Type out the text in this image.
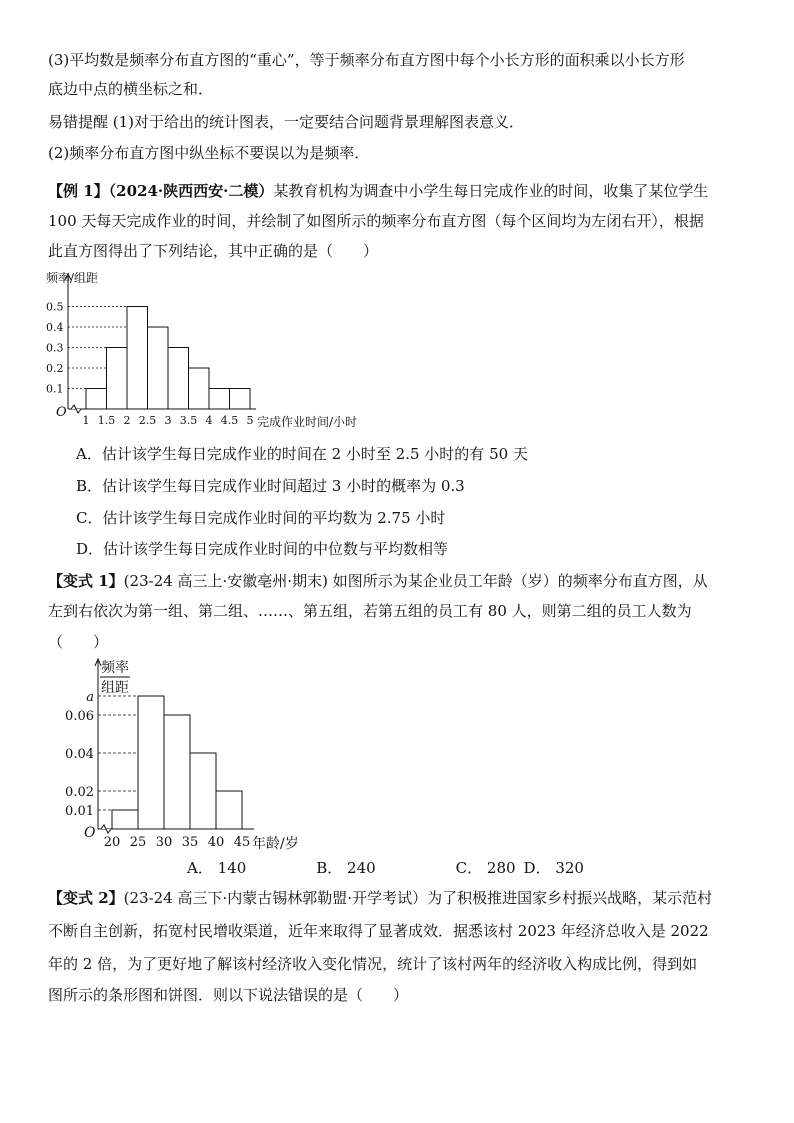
(3)平均数是频率分布直方图的“重心”，等于频率分布直方图中每个小长方形的面积乘以小长方形
底边中点的横坐标之和．
易错提醒 (1)对于给出的统计图表，一定要结合问题背景理解图表意义．
(2)频率分布直方图中纵坐标不要误以为是频率．
【例 1】（2024·陕西西安·二模）某教育机构为调查中小学生每日完成作业的时间，收集了某位学生
100 天每天完成作业的时间，并绘制了如图所示的频率分布直方图（每个区间均为左闭右开），根据
此直方图得出了下列结论，其中正确的是（　　）
频率/组距
O
0.1
0.2
0.3
0.4
0.5
1 1.5 2 2.5 3 3.5 4 4.5 5 完成作业时间/小时
A．估计该学生每日完成作业的时间在 2 小时至 2.5 小时的有 50 天
B．估计该学生每日完成作业时间超过 3 小时的概率为 0.3
C．估计该学生每日完成作业时间的平均数为 2.75 小时
D．估计该学生每日完成作业时间的中位数与平均数相等
【变式 1】(23-24 高三上·安徽亳州·期末) 如图所示为某企业员工年龄（岁）的频率分布直方图，从
左到右依次为第一组、第二组、……、第五组，若第五组的员工有 80 人，则第二组的员工人数为
（　　）
频率
组距
O
0.01
0.02
0.04
0.06
a
20 25 30 35 40 45 年龄/岁
A． 140	B． 240	C． 280 D． 320
【变式 2】(23-24 高三下·内蒙古锡林郭勒盟·开学考试）为了积极推进国家乡村振兴战略，某示范村
不断自主创新，拓宽村民增收渠道，近年来取得了显著成效．据悉该村 2023 年经济总收入是 2022
年的 2 倍，为了更好地了解该村经济收入变化情况，统计了该村两年的经济收入构成比例，得到如
图所示的条形图和饼图．则以下说法错误的是（　　）
